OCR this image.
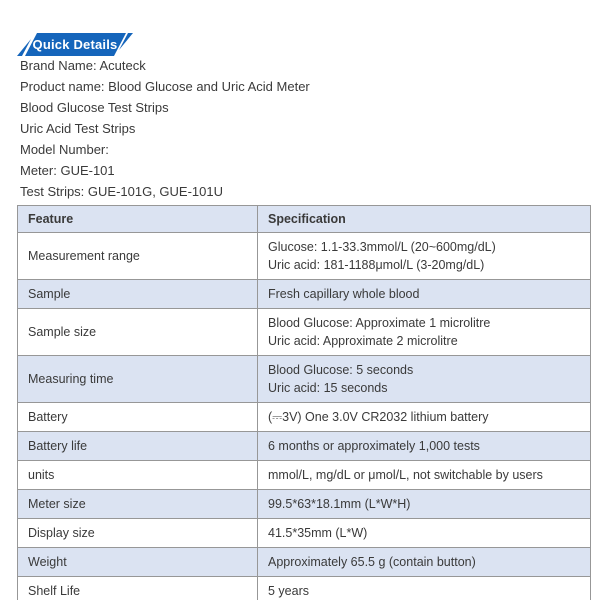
Quick Details
Brand Name: Acuteck
Product name: Blood Glucose and Uric Acid Meter
Blood Glucose Test Strips
Uric Acid Test Strips
Model Number:
Meter: GUE-101
Test Strips: GUE-101G, GUE-101U
Feature	Specification
Measurement range	Glucose: 1.1-33.3mmol/L (20~600mg/dL)
Uric acid: 181-1188μmol/L (3-20mg/dL)

Sample	Fresh capillary whole blood

Sample size	Blood Glucose: Approximate 1 microlitre
Uric acid: Approximate 2 microlitre

Measuring time	Blood Glucose: 5 seconds
Uric acid: 15 seconds

Battery	(⎓3V) One 3.0V CR2032 lithium battery

Battery life	6 months or approximately 1,000 tests

units	mmol/L, mg/dL or μmol/L, not switchable by users

Meter size	99.5*63*18.1mm (L*W*H)

Display size	41.5*35mm (L*W)

Weight	Approximately 65.5 g (contain button)

Shelf Life	5 years
